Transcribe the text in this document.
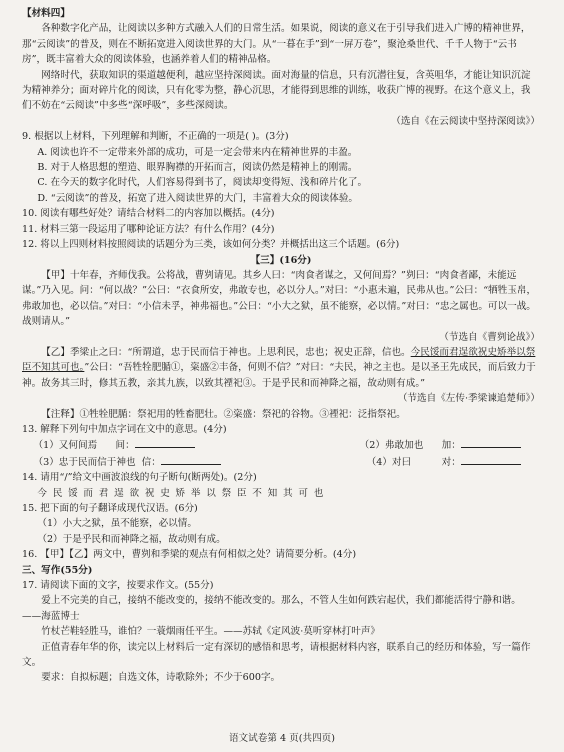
【材料四】

各种数字化产品，让阅读以多种方式融入人们的日常生活。如果说，阅读的意义在于引导我们进入广博的精神世界，那“云阅读”的普及，则在不断拓宽进入阅读世界的大门。从“一暮在手”到“一屏万卷”，聚沧桑世代、千千人物于“云书房”，既丰富着大众的阅读体验，也涵养着人们的精神品格。

网络时代，获取知识的渠道越便利，越应坚持深阅读。面对海量的信息，只有沉潜往复，含英咀华，才能让知识沉淀为精神养分；面对碎片化的阅读，只有化零为整，静心沉思，才能得到思维的训练，收获广博的视野。在这个意义上，我们不妨在“云阅读”中多些“深呼吸”，多些深阅读。

（选自《在云阅读中坚持深阅读》）
9. 根据以上材料，下列理解和判断，不正确的一项是( )。(3分)
A. 阅读也许不一定带来外部的成功，可是一定会带来内在精神世界的丰盈。
B. 对于人格思想的塑造、眼界胸襟的开拓而言，阅读仍然是精神上的刚需。
C. 在今天的数字化时代，人们容易得到书了，阅读却变得短、浅和碎片化了。
D. “云阅读”的普及，拓宽了进入阅读世界的大门，丰富着大众的阅读体验。
10. 阅读有哪些好处？请结合材料二的内容加以概括。(4分)
11. 材料三第一段运用了哪种论证方法？有什么作用？(4分)
12. 将以上四则材料按照阅读的话题分为三类，该如何分类？并概括出这三个话题。(6分)
【三】(16分)

【甲】十年春，齐师伐我。公将战，曹刿请见。其乡人曰：“肉食者谋之，又何间焉？”刿曰：“肉食者鄙，未能远谋。”乃入见。问：“何以战？”公曰：“衣食所安，弗敢专也，必以分人。”对曰：“小惠未遍，民弗从也。”公曰：“牺牲玉帛，弗敢加也，必以信。”对曰：“小信未孚，神弗福也。”公曰：“小大之狱，虽不能察，必以情。”对曰：“忠之属也。可以一战。战则请从。”

（节选自《曹刿论战》）

【乙】季梁止之曰：“所谓道，忠于民而信于神也。上思利民，忠也；祝史正辞，信也。今民馁而君逞欲祝史矫举以祭臣不知其可也。”公曰：“吾牲牷肥腯①，粢盛②丰备，何则不信？”对曰：“夫民，神之主也。是以圣王先成民，而后致力于神。故务其三时，修其五教，亲其九族，以致其禋祀③。于是乎民和而神降之福，故动则有成。”

（节选自《左传·季梁谏追楚师》）

【注释】①牲牷肥腯：祭祀用的牲畜肥壮。②粢盛：祭祀的谷物。③禋祀：泛指祭祀。

13. 解释下列句中加点字词在文中的意思。(4分)
（1）又何间焉 间：	（2）弗敢加也 加：
（3）忠于民而信于神也 信：	（4）对曰	对：
14. 请用“/”给文中画波浪线的句子断句(断两处)。(2分)
今民馁而君逞欲祝史矫举以祭臣不知其可也
15. 把下面的句子翻译成现代汉语。(6分)
（1）小大之狱，虽不能察，必以情。
（2）于是乎民和而神降之福，故动则有成。
16. 【甲】【乙】两文中，曹刿和季梁的观点有何相似之处？请简要分析。(4分)
三、写作(55分)
17. 请阅读下面的文字，按要求作文。(55分)

爱上不完美的自己，接纳不能改变的，接纳不能改变的。那么，不管人生如何跌宕起伏，我们都能活得宁静和谐。——海蓝博士

竹杖芒鞋轻胜马，谁怕？一蓑烟雨任平生。——苏轼《定风波·莫听穿林打叶声》

正值青春年华的你，读完以上材料后一定有深切的感悟和思考，请根据材料内容，联系自己的经历和体验，写一篇作文。

要求：自拟标题；自选文体，诗歌除外；不少于600字。

语文试卷第 4 页(共四页)
